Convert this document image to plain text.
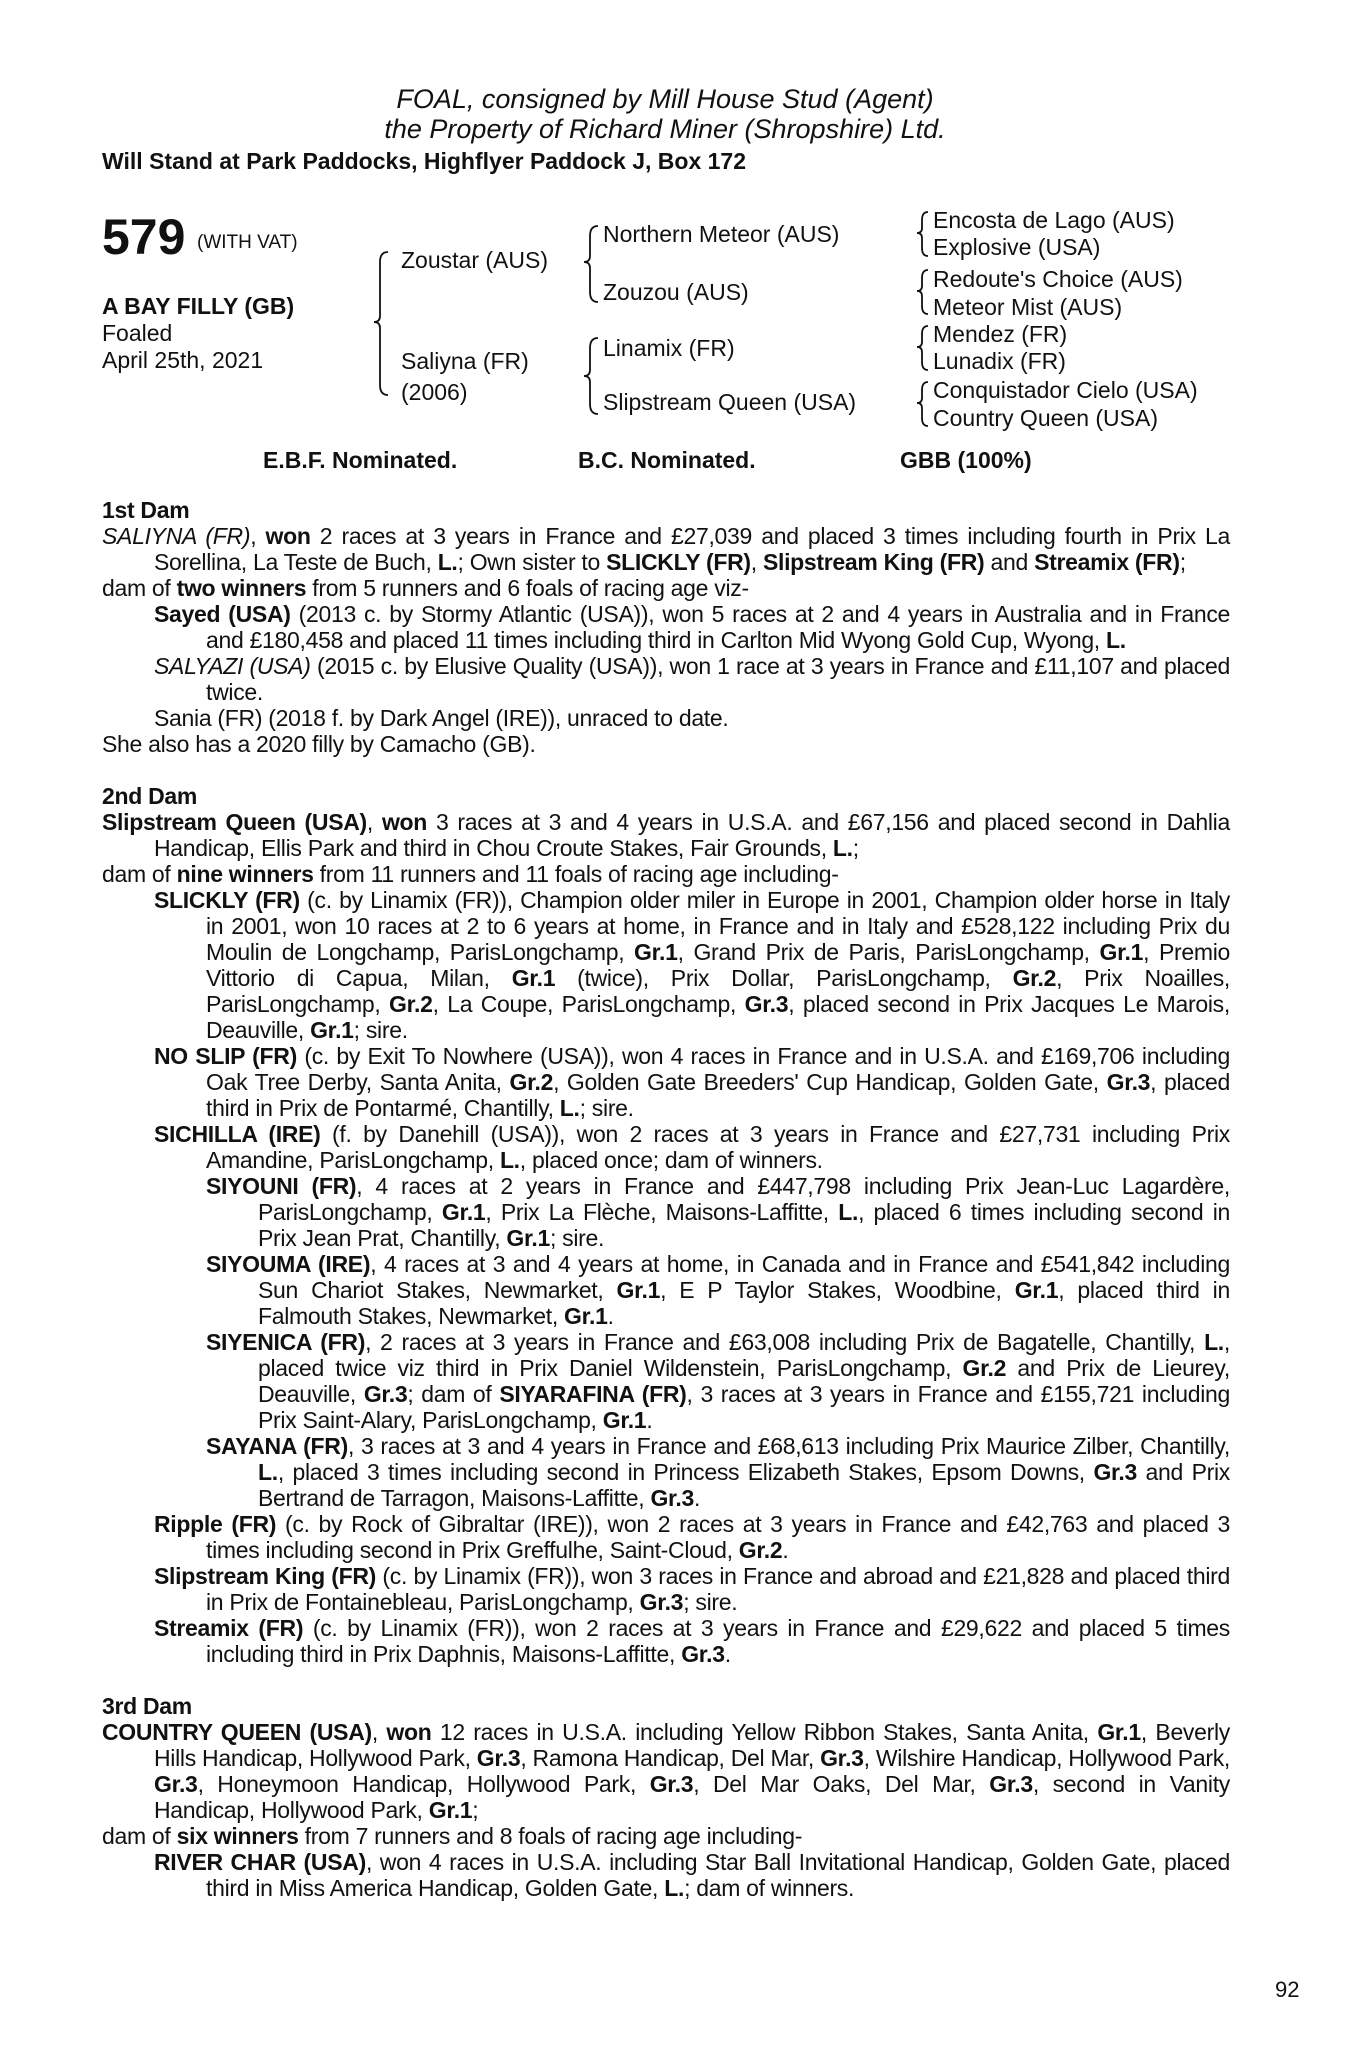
FOAL, consigned by Mill House Stud (Agent)
the Property of Richard Miner (Shropshire) Ltd.
Will Stand at Park Paddocks, Highflyer Paddock J, Box 172
579 (WITH VAT)
A BAY FILLY (GB)
Foaled
April 25th, 2021
Zoustar (AUS)
Saliyna (FR)
(2006)
Northern Meteor (AUS)
Zouzou (AUS)
Linamix (FR)
Slipstream Queen (USA)
Encosta de Lago (AUS)
Explosive (USA)
Redoute's Choice (AUS)
Meteor Mist (AUS)
Mendez (FR)
Lunadix (FR)
Conquistador Cielo (USA)
Country Queen (USA)
E.B.F. Nominated.	B.C. Nominated.	GBB (100%)
1st Dam
SALIYNA (FR), won 2 races at 3 years in France and £27,039 and placed 3 times including fourth in Prix La Sorellina, La Teste de Buch, L.; Own sister to SLICKLY (FR), Slipstream King (FR) and Streamix (FR);
dam of two winners from 5 runners and 6 foals of racing age viz-
Sayed (USA) (2013 c. by Stormy Atlantic (USA)), won 5 races at 2 and 4 years in Australia and in France and £180,458 and placed 11 times including third in Carlton Mid Wyong Gold Cup, Wyong, L.
SALYAZI (USA) (2015 c. by Elusive Quality (USA)), won 1 race at 3 years in France and £11,107 and placed twice.
Sania (FR) (2018 f. by Dark Angel (IRE)), unraced to date.
She also has a 2020 filly by Camacho (GB).
2nd Dam
Slipstream Queen (USA), won 3 races at 3 and 4 years in U.S.A. and £67,156 and placed second in Dahlia Handicap, Ellis Park and third in Chou Croute Stakes, Fair Grounds, L.;
dam of nine winners from 11 runners and 11 foals of racing age including-
SLICKLY (FR) (c. by Linamix (FR)), Champion older miler in Europe in 2001, Champion older horse in Italy in 2001, won 10 races at 2 to 6 years at home, in France and in Italy and £528,122 including Prix du Moulin de Longchamp, ParisLongchamp, Gr.1, Grand Prix de Paris, ParisLongchamp, Gr.1, Premio Vittorio di Capua, Milan, Gr.1 (twice), Prix Dollar, ParisLongchamp, Gr.2, Prix Noailles, ParisLongchamp, Gr.2, La Coupe, ParisLongchamp, Gr.3, placed second in Prix Jacques Le Marois, Deauville, Gr.1; sire.
NO SLIP (FR) (c. by Exit To Nowhere (USA)), won 4 races in France and in U.S.A. and £169,706 including Oak Tree Derby, Santa Anita, Gr.2, Golden Gate Breeders' Cup Handicap, Golden Gate, Gr.3, placed third in Prix de Pontarmé, Chantilly, L.; sire.
SICHILLA (IRE) (f. by Danehill (USA)), won 2 races at 3 years in France and £27,731 including Prix Amandine, ParisLongchamp, L., placed once; dam of winners.
SIYOUNI (FR), 4 races at 2 years in France and £447,798 including Prix Jean-Luc Lagardère, ParisLongchamp, Gr.1, Prix La Flèche, Maisons-Laffitte, L., placed 6 times including second in Prix Jean Prat, Chantilly, Gr.1; sire.
SIYOUMA (IRE), 4 races at 3 and 4 years at home, in Canada and in France and £541,842 including Sun Chariot Stakes, Newmarket, Gr.1, E P Taylor Stakes, Woodbine, Gr.1, placed third in Falmouth Stakes, Newmarket, Gr.1.
SIYENICA (FR), 2 races at 3 years in France and £63,008 including Prix de Bagatelle, Chantilly, L., placed twice viz third in Prix Daniel Wildenstein, ParisLongchamp, Gr.2 and Prix de Lieurey, Deauville, Gr.3; dam of SIYARAFINA (FR), 3 races at 3 years in France and £155,721 including Prix Saint-Alary, ParisLongchamp, Gr.1.
SAYANA (FR), 3 races at 3 and 4 years in France and £68,613 including Prix Maurice Zilber, Chantilly, L., placed 3 times including second in Princess Elizabeth Stakes, Epsom Downs, Gr.3 and Prix Bertrand de Tarragon, Maisons-Laffitte, Gr.3.
Ripple (FR) (c. by Rock of Gibraltar (IRE)), won 2 races at 3 years in France and £42,763 and placed 3 times including second in Prix Greffulhe, Saint-Cloud, Gr.2.
Slipstream King (FR) (c. by Linamix (FR)), won 3 races in France and abroad and £21,828 and placed third in Prix de Fontainebleau, ParisLongchamp, Gr.3; sire.
Streamix (FR) (c. by Linamix (FR)), won 2 races at 3 years in France and £29,622 and placed 5 times including third in Prix Daphnis, Maisons-Laffitte, Gr.3.
3rd Dam
COUNTRY QUEEN (USA), won 12 races in U.S.A. including Yellow Ribbon Stakes, Santa Anita, Gr.1, Beverly Hills Handicap, Hollywood Park, Gr.3, Ramona Handicap, Del Mar, Gr.3, Wilshire Handicap, Hollywood Park, Gr.3, Honeymoon Handicap, Hollywood Park, Gr.3, Del Mar Oaks, Del Mar, Gr.3, second in Vanity Handicap, Hollywood Park, Gr.1;
dam of six winners from 7 runners and 8 foals of racing age including-
RIVER CHAR (USA), won 4 races in U.S.A. including Star Ball Invitational Handicap, Golden Gate, placed third in Miss America Handicap, Golden Gate, L.; dam of winners.
92
